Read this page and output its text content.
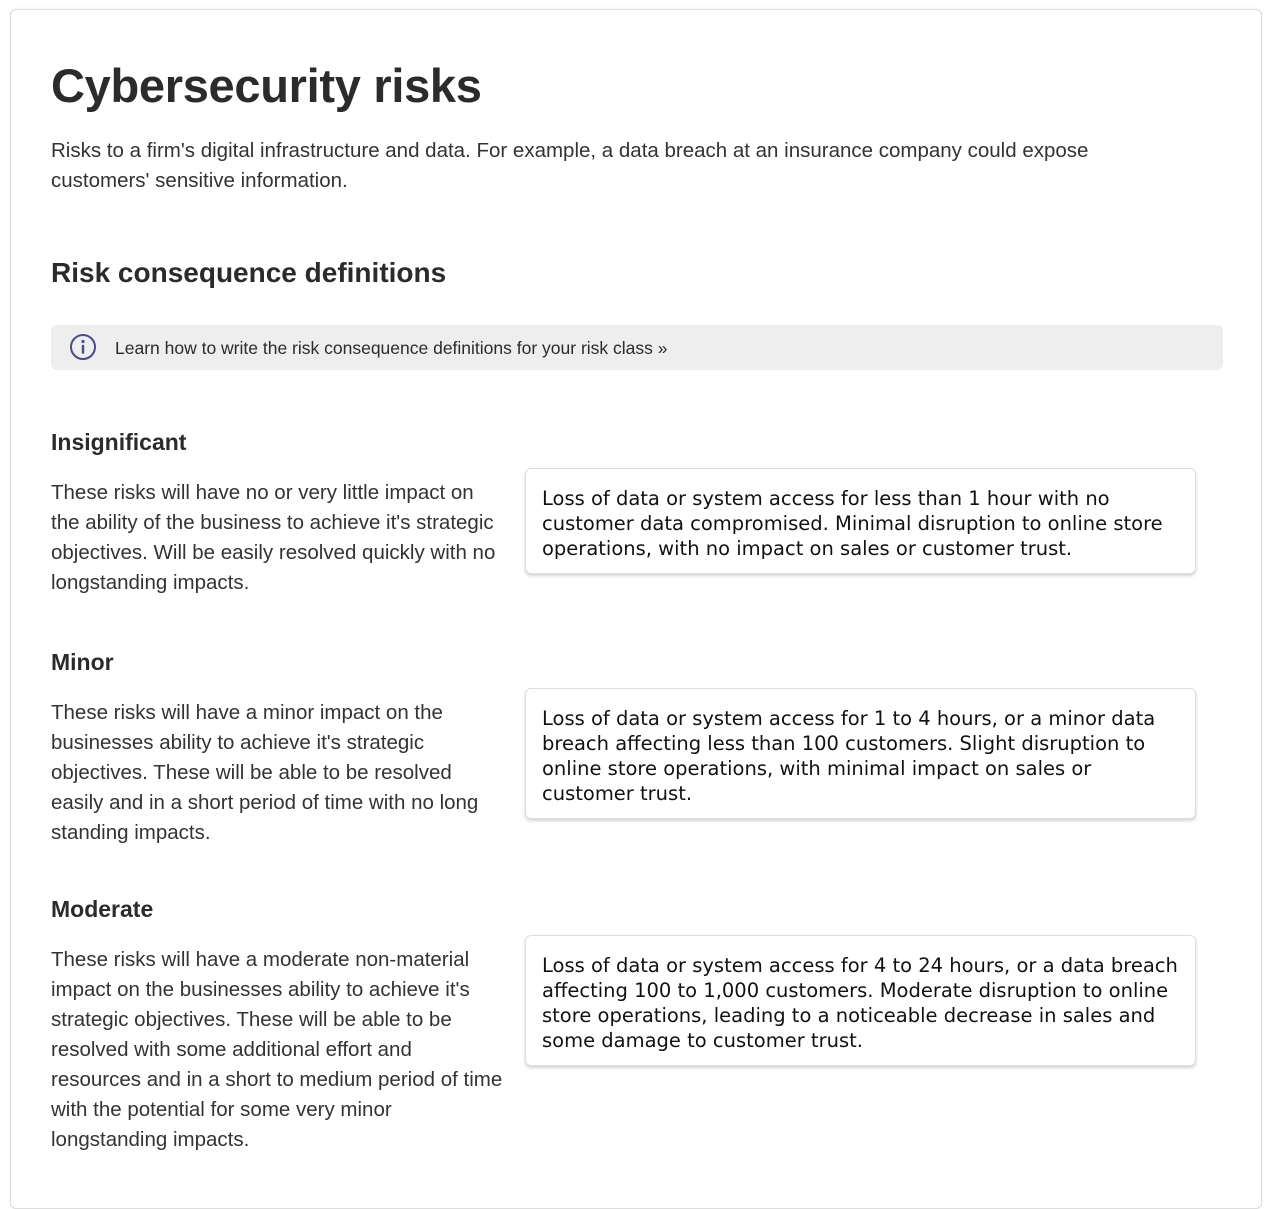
Cybersecurity risks

Risks to a firm's digital infrastructure and data. For example, a data breach at an insurance company could expose customers' sensitive information.

Risk consequence definitions
Learn how to write the risk consequence definitions for your risk class »
Insignificant

These risks will have no or very little impact on the ability of the business to achieve it's strategic objectives. Will be easily resolved quickly with no longstanding impacts.

Loss of data or system access for less than 1 hour with no customer data compromised. Minimal disruption to online store operations, with no impact on sales or customer trust.
Minor

These risks will have a minor impact on the businesses ability to achieve it's strategic objectives. These will be able to be resolved easily and in a short period of time with no long standing impacts.

Loss of data or system access for 1 to 4 hours, or a minor data breach affecting less than 100 customers. Slight disruption to online store operations, with minimal impact on sales or customer trust.
Moderate

These risks will have a moderate non-material impact on the businesses ability to achieve it's strategic objectives. These will be able to be resolved with some additional effort and resources and in a short to medium period of time with the potential for some very minor longstanding impacts.

Loss of data or system access for 4 to 24 hours, or a data breach affecting 100 to 1,000 customers. Moderate disruption to online store operations, leading to a noticeable decrease in sales and some damage to customer trust.
